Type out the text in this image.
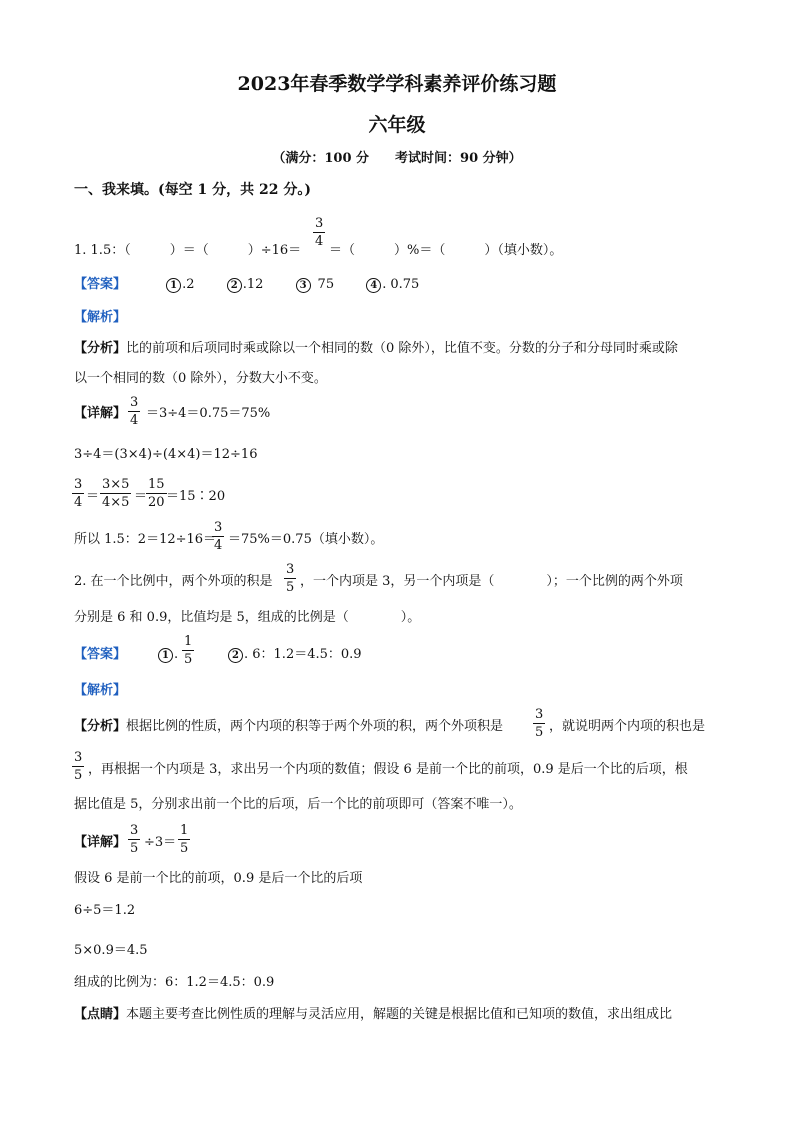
2023年春季数学学科素养评价练习题
六年级
（满分：100 分　　考试时间：90 分钟）
一、我来填。(每空 1 分，共 22 分。)
1. 1.5：（　　　）＝（　　　）÷16＝
3
4
＝（　　　）%＝（　　　）（填小数）。
【答案】	1 .2	2 .12	3 75	4 . 0.75
【解析】
【分析】比的前项和后项同时乘或除以一个相同的数（0 除外），比值不变。分数的分子和分母同时乘或除
以一个相同的数（0 除外），分数大小不变。
【详解】
3
4 ＝3÷4＝0.75＝75%
3÷4＝(3×4)÷(4×4)＝12÷16
3
4 ＝
3×5
4×5 ＝
15
20 ＝15∶20
所以 1.5：2＝12÷16＝
3
4 ＝75%＝0.75（填小数）。
2. 在一个比例中，两个外项的积是
3
5 ，一个内项是 3，另一个内项是（　　　　）；一个比例的两个外项
分别是 6 和 0.9，比值均是 5，组成的比例是（　　　　）。
【答案】	1 .
1
5	2 . 6：1.2＝4.5：0.9
【解析】
【分析】根据比例的性质，两个内项的积等于两个外项的积，两个外项积是
3
5 ，就说明两个内项的积也是
3
5 ，再根据一个内项是 3，求出另一个内项的数值；假设 6 是前一个比的前项，0.9 是后一个比的后项，根
据比值是 5，分别求出前一个比的后项，后一个比的前项即可（答案不唯一）。
【详解】
3
5 ÷3＝
1
5
假设 6 是前一个比的前项，0.9 是后一个比的后项
6÷5＝1.2
5×0.9＝4.5
组成的比例为：6：1.2＝4.5：0.9
【点睛】本题主要考查比例性质的理解与灵活应用，解题的关键是根据比值和已知项的数值，求出组成比
